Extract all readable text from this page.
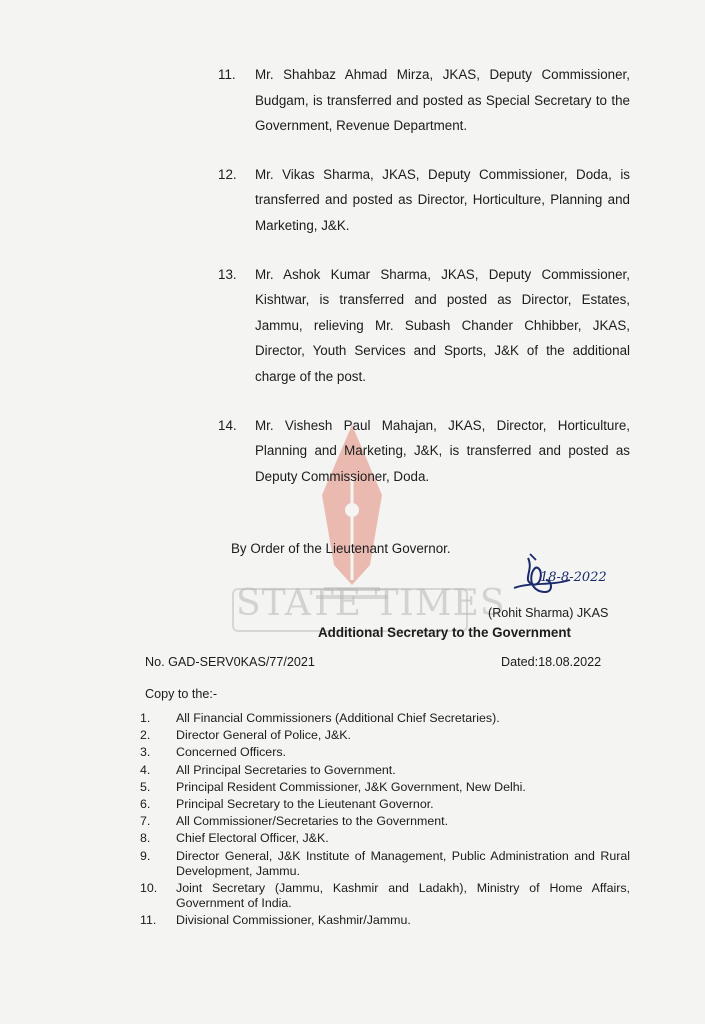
STATE TIMES
11.	Mr. Shahbaz Ahmad Mirza, JKAS, Deputy Commissioner, Budgam, is transferred and posted as Special Secretary to the Government, Revenue Department.
12.	Mr. Vikas Sharma, JKAS, Deputy Commissioner, Doda, is transferred and posted as Director, Horticulture, Planning and Marketing, J&K.
13.	Mr. Ashok Kumar Sharma, JKAS, Deputy Commissioner, Kishtwar, is transferred and posted as Director, Estates, Jammu, relieving Mr. Subash Chander Chhibber, JKAS, Director, Youth Services and Sports, J&K of the additional charge of the post.
14.	Mr. Vishesh Paul Mahajan, JKAS, Director, Horticulture, Planning and Marketing, J&K, is transferred and posted as Deputy Commissioner, Doda.
By Order of the Lieutenant Governor.
18-8-2022
(Rohit Sharma) JKAS
Additional Secretary to the Government
No. GAD-SERV0KAS/77/2021	Dated:18.08.2022
Copy to the:-
1.	All Financial Commissioners (Additional Chief Secretaries).
2.	Director General of Police, J&K.
3.	Concerned Officers.
4.	All Principal Secretaries to Government.
5.	Principal Resident Commissioner, J&K Government, New Delhi.
6.	Principal Secretary to the Lieutenant Governor.
7.	All Commissioner/Secretaries to the Government.
8.	Chief Electoral Officer, J&K.
9.	Director General, J&K Institute of Management, Public Administration and Rural Development, Jammu.
10.	Joint Secretary (Jammu, Kashmir and Ladakh), Ministry of Home Affairs, Government of India.
11.	Divisional Commissioner, Kashmir/Jammu.
